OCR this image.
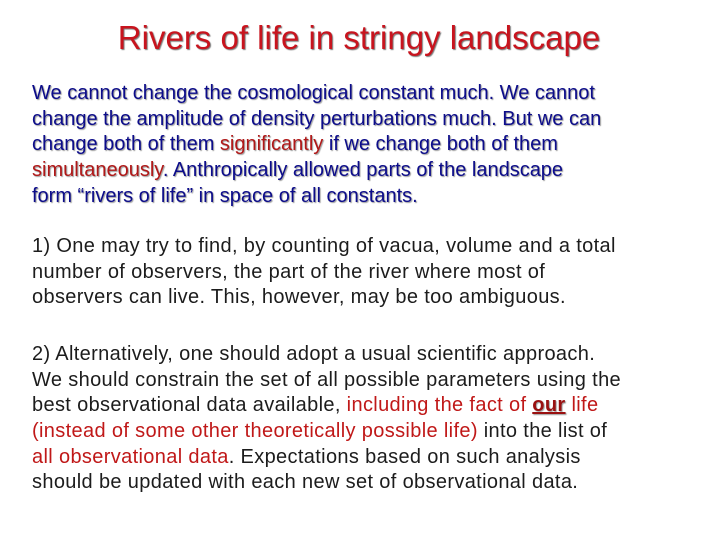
Rivers of life in stringy landscape
We cannot change the cosmological constant much. We cannot
change the amplitude of density perturbations much. But we can
change both of them significantly if we change both of them
simultaneously. Anthropically allowed parts of the landscape
form “rivers of life” in space of all constants.
1) One may try to find, by counting of vacua, volume and a total
number of observers, the part of the river where most of
observers can live. This, however, may be too ambiguous.
2) Alternatively, one should adopt a usual scientific approach.
We should constrain the set of all possible parameters using the
best observational data available, including the fact of our life
(instead of some other theoretically possible life) into the list of
all observational data. Expectations based on such analysis
should be updated with each new set of observational data.
